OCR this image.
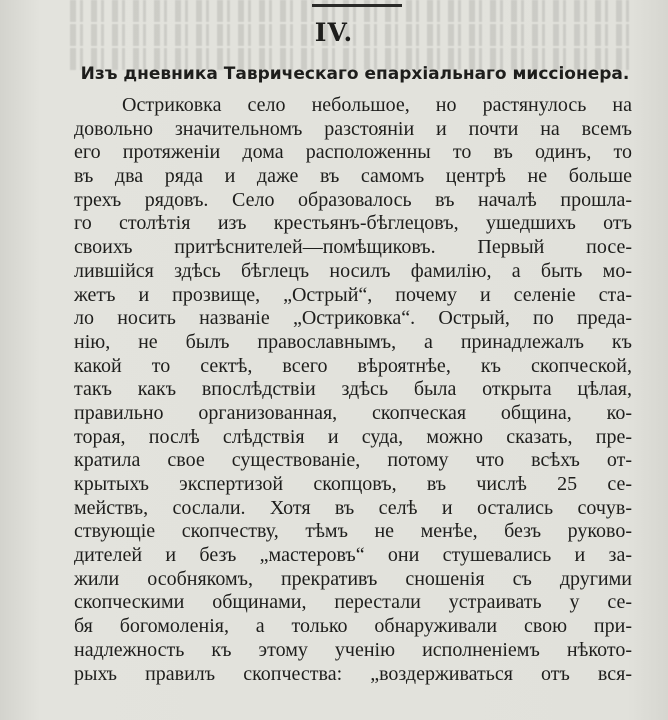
IV.
Изъ дневника Таврическаго епархіальнаго миссіонера.
Остриковка село небольшое, но растянулось на
довольно значительномъ разстояніи и почти на всемъ
его протяженіи дома расположенны то въ одинъ, то
въ два ряда и даже въ самомъ центрѣ не больше
трехъ рядовъ. Село образовалось въ началѣ прошла-
го столѣтія изъ крестьянъ-бѣглецовъ, ушедшихъ отъ
своихъ притѣснителей—помѣщиковъ. Первый посе-
лившійся здѣсь бѣглецъ носилъ фамилію, а быть мо-
жетъ и прозвище, „Острый“, почему и селеніе ста-
ло носить названіе „Остриковка“. Острый, по преда-
нію, не былъ православнымъ, а принадлежалъ къ
какой то сектѣ, всего вѣроятнѣе, къ скопческой,
такъ какъ впослѣдствіи здѣсь была открыта цѣлая,
правильно организованная, скопческая община, ко-
торая, послѣ слѣдствія и суда, можно сказать, пре-
кратила свое существованіе, потому что всѣхъ от-
крытыхъ экспертизой скопцовъ, въ числѣ 25 се-
мействъ, сослали. Хотя въ селѣ и остались сочув-
ствующіе скопчеству, тѣмъ не менѣе, безъ руково-
дителей и безъ „мастеровъ“ они стушевались и за-
жили особнякомъ, прекративъ сношенія съ другими
скопческими общинами, перестали устраивать у се-
бя богомоленія, а только обнаруживали свою при-
надлежность къ этому ученію исполненіемъ нѣкото-
рыхъ правилъ скопчества: „воздерживаться отъ вся-
